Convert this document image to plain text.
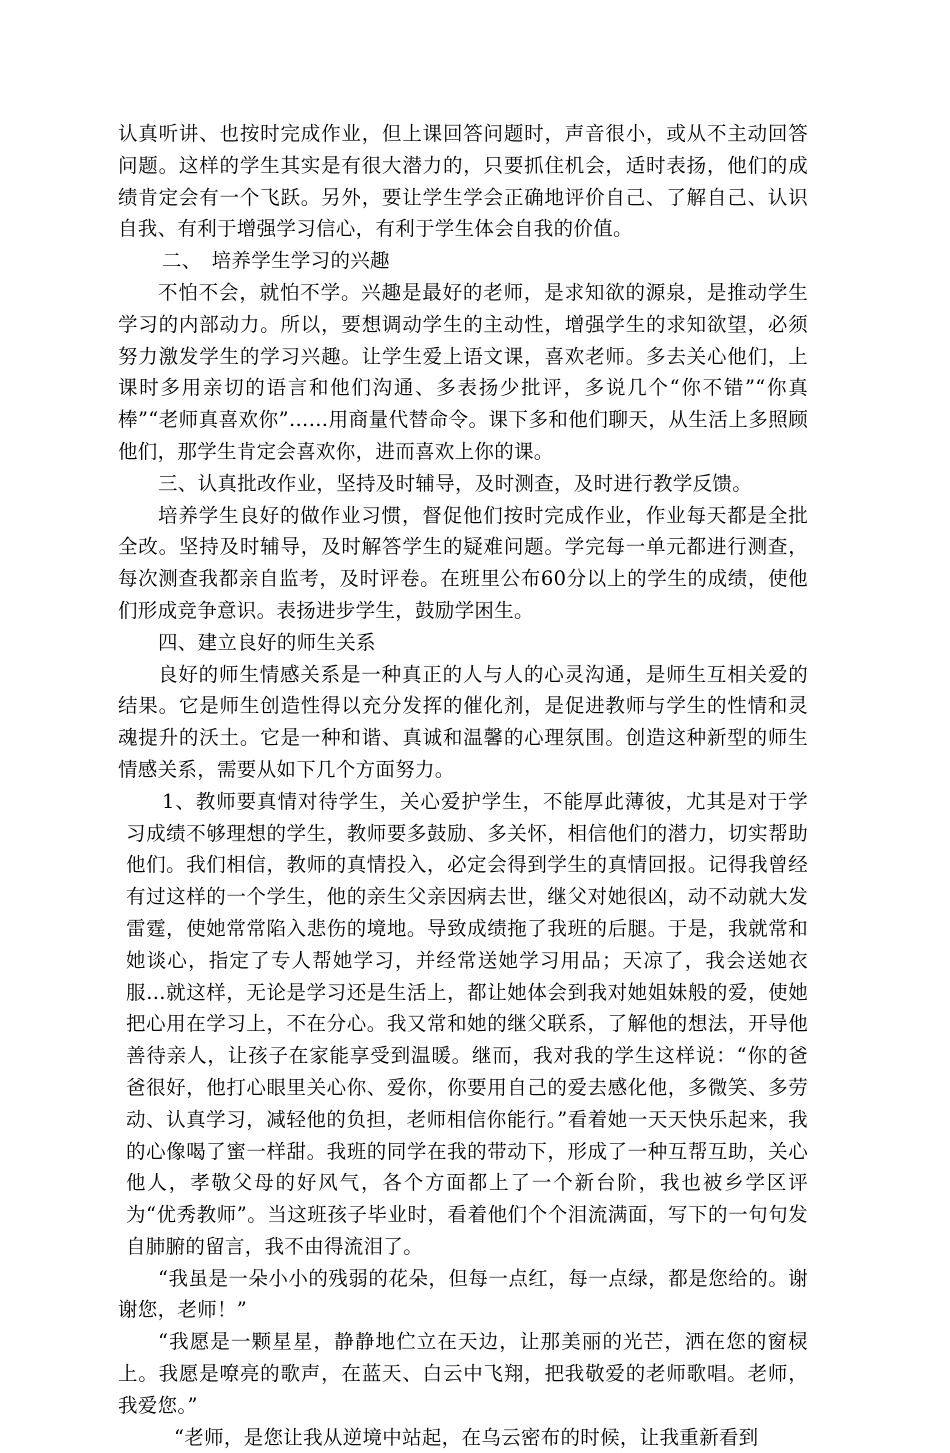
认真听讲、也按时完成作业，但上课回答问题时，声音很小，或从不主动回答问题。这样的学生其实是有很大潜力的，只要抓住机会，适时表扬，他们的成绩肯定会有一个飞跃。另外，要让学生学会正确地评价自己、了解自己、认识自我、有利于增强学习信心，有利于学生体会自我的价值。

二、　培养学生学习的兴趣

不怕不会，就怕不学。兴趣是最好的老师，是求知欲的源泉，是推动学生学习的内部动力。所以，要想调动学生的主动性，增强学生的求知欲望，必须努力激发学生的学习兴趣。让学生爱上语文课，喜欢老师。多去关心他们，上课时多用亲切的语言和他们沟通、多表扬少批评，多说几个“你不错”“你真棒”“老师真喜欢你”……用商量代替命令。课下多和他们聊天，从生活上多照顾他们，那学生肯定会喜欢你，进而喜欢上你的课。

三、认真批改作业，坚持及时辅导，及时测查，及时进行教学反馈。

培养学生良好的做作业习惯，督促他们按时完成作业，作业每天都是全批全改。坚持及时辅导，及时解答学生的疑难问题。学完每一单元都进行测查，每次测查我都亲自监考，及时评卷。在班里公布60分以上的学生的成绩，使他们形成竞争意识。表扬进步学生，鼓励学困生。

四、建立良好的师生关系

良好的师生情感关系是一种真正的人与人的心灵沟通，是师生互相关爱的结果。它是师生创造性得以充分发挥的催化剂，是促进教师与学生的性情和灵魂提升的沃土。它是一种和谐、真诚和温馨的心理氛围。创造这种新型的师生情感关系，需要从如下几个方面努力。

1、教师要真情对待学生，关心爱护学生，不能厚此薄彼，尤其是对于学习成绩不够理想的学生，教师要多鼓励、多关怀，相信他们的潜力，切实帮助他们。我们相信，教师的真情投入，必定会得到学生的真情回报。记得我曾经有过这样的一个学生，他的亲生父亲因病去世，继父对她很凶，动不动就大发雷霆，使她常常陷入悲伤的境地。导致成绩拖了我班的后腿。于是，我就常和她谈心，指定了专人帮她学习，并经常送她学习用品；天凉了，我会送她衣服…就这样，无论是学习还是生活上，都让她体会到我对她姐妹般的爱，使她把心用在学习上，不在分心。我又常和她的继父联系，了解他的想法，开导他善待亲人，让孩子在家能享受到温暖。继而，我对我的学生这样说：“你的爸爸很好，他打心眼里关心你、爱你，你要用自己的爱去感化他，多微笑、多劳动、认真学习，减轻他的负担，老师相信你能行。”看着她一天天快乐起来，我的心像喝了蜜一样甜。我班的同学在我的带动下，形成了一种互帮互助，关心他人，孝敬父母的好风气，各个方面都上了一个新台阶，我也被乡学区评为“优秀教师”。当这班孩子毕业时，看着他们个个泪流满面，写下的一句句发自肺腑的留言，我不由得流泪了。

“我虽是一朵小小的残弱的花朵，但每一点红，每一点绿，都是您给的。谢谢您，老师！”

“我愿是一颗星星，静静地伫立在天边，让那美丽的光芒，洒在您的窗棂上。我愿是嘹亮的歌声，在蓝天、白云中飞翔，把我敬爱的老师歌唱。老师，我爱您。”

“老师，是您让我从逆境中站起，在乌云密布的时候，让我重新看到
